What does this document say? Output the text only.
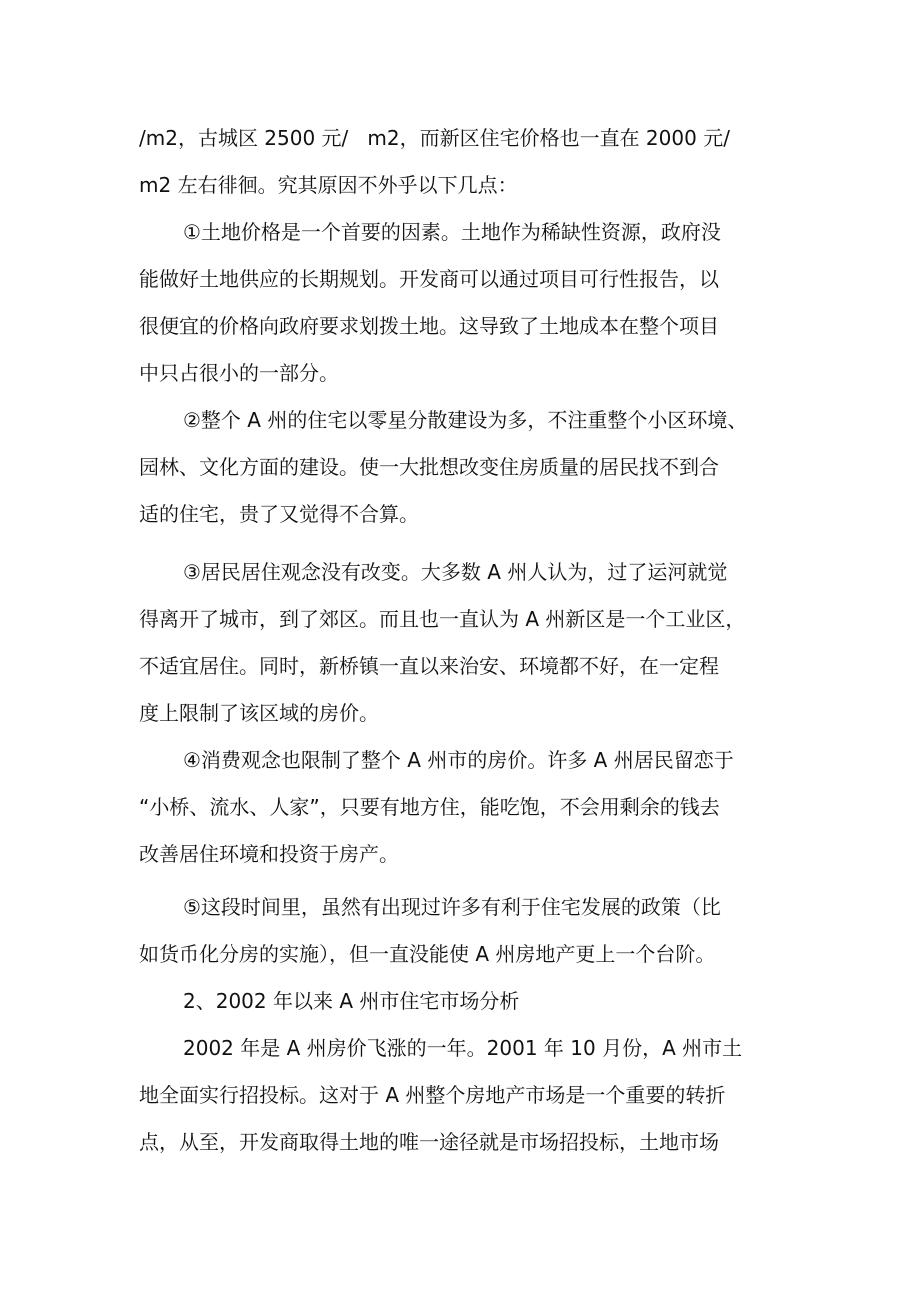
/m2，古城区 2500 元/   m2，而新区住宅价格也一直在 2000 元/
m2 左右徘徊。究其原因不外乎以下几点：
①土地价格是一个首要的因素。土地作为稀缺性资源，政府没
能做好土地供应的长期规划。开发商可以通过项目可行性报告，以
很便宜的价格向政府要求划拨土地。这导致了土地成本在整个项目
中只占很小的一部分。
②整个 A 州的住宅以零星分散建设为多，不注重整个小区环境、
园林、文化方面的建设。使一大批想改变住房质量的居民找不到合
适的住宅，贵了又觉得不合算。
③居民居住观念没有改变。大多数 A 州人认为，过了运河就觉
得离开了城市，到了郊区。而且也一直认为 A 州新区是一个工业区，
不适宜居住。同时，新桥镇一直以来治安、环境都不好，在一定程
度上限制了该区域的房价。
④消费观念也限制了整个 A 州市的房价。许多 A 州居民留恋于
“小桥、流水、人家”，只要有地方住，能吃饱，不会用剩余的钱去
改善居住环境和投资于房产。
⑤这段时间里，虽然有出现过许多有利于住宅发展的政策（比
如货币化分房的实施），但一直没能使 A 州房地产更上一个台阶。
2、2002 年以来 A 州市住宅市场分析
2002 年是 A 州房价飞涨的一年。2001 年 10 月份，A 州市土
地全面实行招投标。这对于 A 州整个房地产市场是一个重要的转折
点，从至，开发商取得土地的唯一途径就是市场招投标，土地市场
